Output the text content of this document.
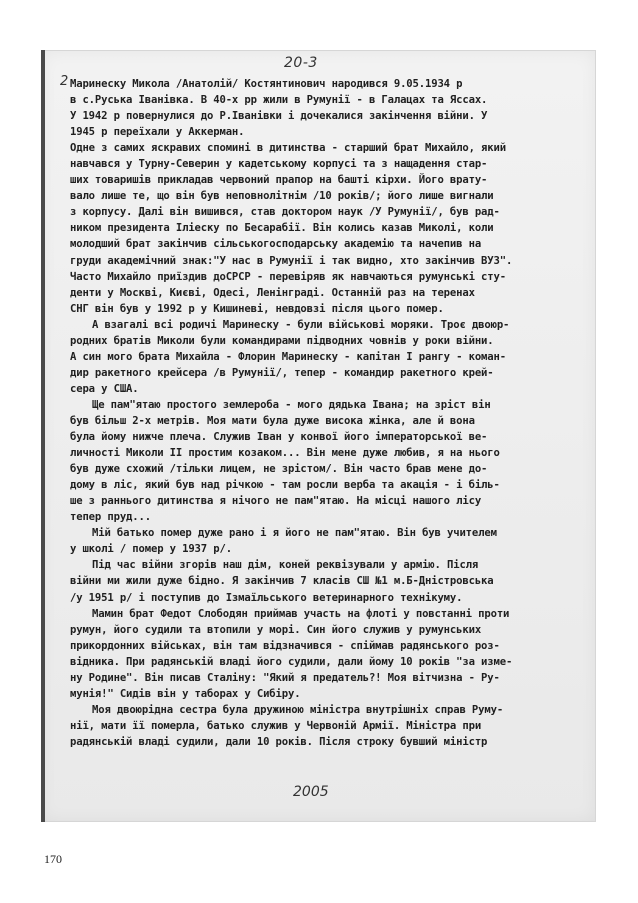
20-3
2 Маринеску Микола /Анатолій/ Костянтинович народився 9.05.1934 р
в с.Руська Іванівка. В 40-х рр жили в Румунії - в Галацах та Яссах.
У 1942 р повернулися до Р.Іванівки і дочекалися закінчення війни. У
1945 р переїхали у Аккерман.
Одне з самих яскравих спомині в дитинства - старший брат Михайло, який
навчався у Турну-Северин у кадетському корпусі та з нащадення стар-
ших товаришів прикладав червоний прапор на башті кірхи. Його врату-
вало лише те, що він був неповнолітнім /10 років/; його лише вигнали
з корпусу. Далі він вишився, став доктором наук /У Румунії/, був рад-
ником президента Іліеску по Бесарабії. Він колись казав Миколі, коли
молодший брат закінчив сільськогосподарську академію та начепив на
груди академічний знак:"У нас в Румунії і так видно, хто закінчив ВУЗ".
Часто Михайло приїздив доСРСР - перевіряв як навчаються румунські сту-
денти у Москві, Києві, Одесі, Ленінграді. Останній раз на теренах
СНГ він був у 1992 р у Кишиневі, невдовзі після цього помер.
А взагалі всі родичі Маринеску - були військові моряки. Троє двоюр-
родних братів Миколи були командирами підводних човнів у роки війни.
А син мого брата Михайла - Флорин Маринеску - капітан І рангу - коман-
дир ракетного крейсера /в Румунії/, тепер - командир ракетного крей-
сера у США.
Ще пам"ятаю простого землероба - мого дядька Івана; на зріст він
був більш 2-х метрів. Моя мати була дуже висока жінка, але й вона
була йому нижче плеча. Служив Іван у конвої його імператорської ве-
личності Миколи ІІ простим козаком... Він мене дуже любив, я на нього
був дуже схожий /тільки лицем, не зрістом/. Він часто брав мене до-
дому в ліс, який був над річкою - там росли верба та акація - і біль-
ше з раннього дитинства я нічого не пам"ятаю. На місці нашого лісу
тепер пруд...
Мій батько помер дуже рано і я його не пам"ятаю. Він був учителем
у школі / помер у 1937 р/.
Під час війни згорів наш дім, коней реквізували у армію. Після
війни ми жили дуже бідно. Я закінчив 7 класів СШ №1 м.Б-Дністровська
/у 1951 р/ і поступив до Ізмаїльського ветеринарного технікуму.
Мамин брат Федот Слободян приймав участь на флоті у повстанні проти
румун, його судили та втопили у морі. Син його служив у румунських
прикордонних військах, він там відзначився - спіймав радянського роз-
відника. При радянській владі його судили, дали йому 10 років "за изме-
ну Родине". Він писав Сталіну: "Який я предатель?! Моя вітчизна - Ру-
мунія!" Сидів він у таборах у Сибіру.
Моя двоюрідна сестра була дружиною міністра внутрішніх справ Руму-
нії, мати її померла, батько служив у Червоній Армії. Міністра при
радянській владі судили, дали 10 років. Після строку бувший міністр
2005
170
